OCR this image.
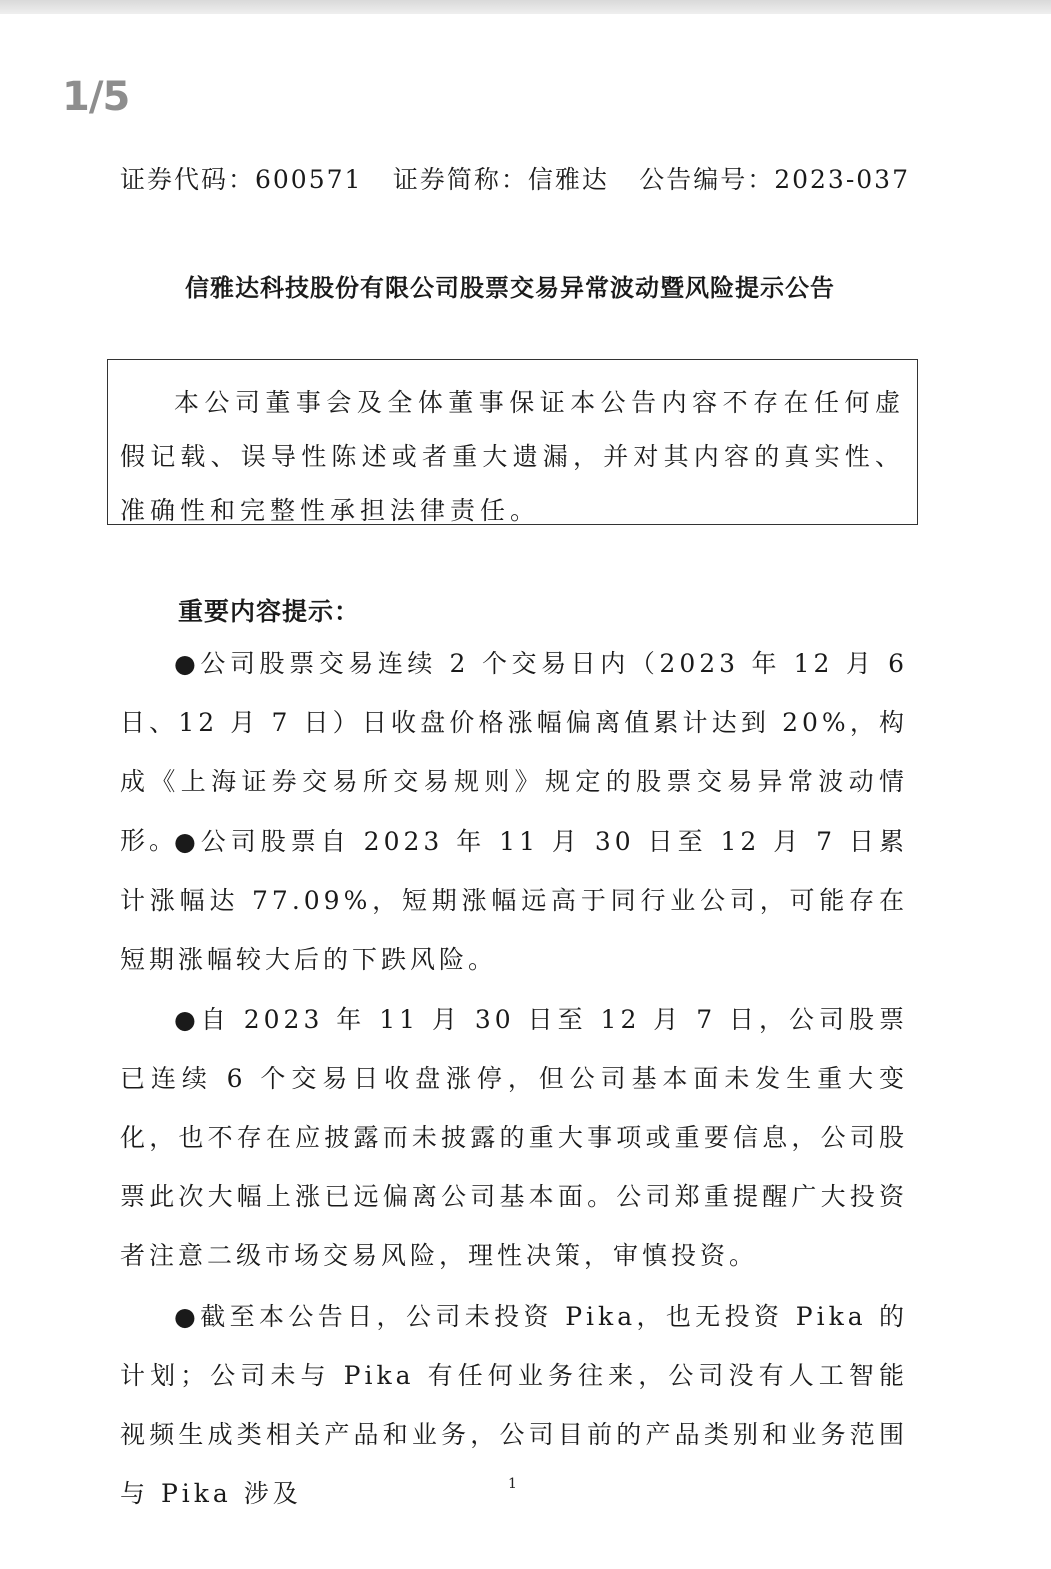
1/5
证券代码：600571 证券简称：信雅达 公告编号：2023-037
信雅达科技股份有限公司股票交易异常波动暨风险提示公告
本公司董事会及全体董事保证本公告内容不存在任何虚假记载、误导性陈述或者重大遗漏，并对其内容的真实性、准确性和完整性承担法律责任。
重要内容提示：
●公司股票交易连续 2 个交易日内（2023 年 12 月 6 日、12 月 7 日）日收盘价格涨幅偏离值累计达到 20%，构成《上海证券交易所交易规则》规定的股票交易异常波动情形。
●公司股票自 2023 年 11 月 30 日至 12 月 7 日累计涨幅达 77.09%，短期涨幅远高于同行业公司，可能存在短期涨幅较大后的下跌风险。
●自 2023 年 11 月 30 日至 12 月 7 日，公司股票已连续 6 个交易日收盘涨停，但公司基本面未发生重大变化，也不存在应披露而未披露的重大事项或重要信息，公司股票此次大幅上涨已远偏离公司基本面。公司郑重提醒广大投资者注意二级市场交易风险，理性决策，审慎投资。
●截至本公告日，公司未投资 Pika，也无投资 Pika 的计划；公司未与 Pika 有任何业务往来，公司没有人工智能视频生成类相关产品和业务，公司目前的产品类别和业务范围与 Pika 涉及	1
